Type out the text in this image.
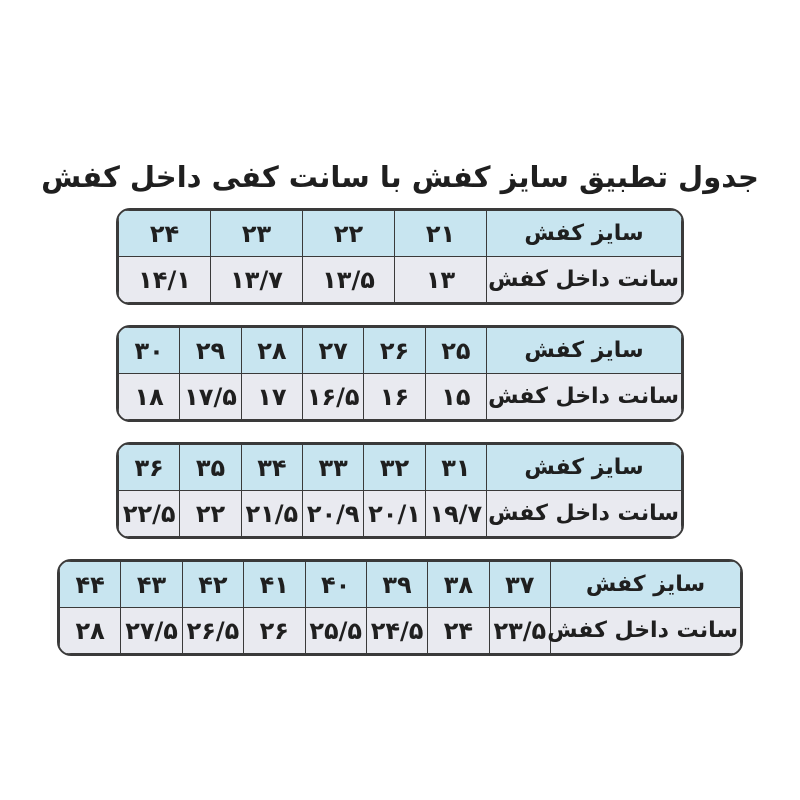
جدول تطبیق سایز کفش با سانت کفی داخل کفش
سایز کفش	۲۱	۲۲	۲۳	۲۴
سانت داخل کفش	۱۳	۱۳/۵	۱۳/۷	۱۴/۱
سایز کفش	۲۵	۲۶	۲۷	۲۸	۲۹	۳۰
سانت داخل کفش	۱۵	۱۶	۱۶/۵	۱۷	۱۷/۵	۱۸
سایز کفش	۳۱	۳۲	۳۳	۳۴	۳۵	۳۶
سانت داخل کفش	۱۹/۷	۲۰/۱	۲۰/۹	۲۱/۵	۲۲	۲۲/۵
سایز کفش	۳۷	۳۸	۳۹	۴۰	۴۱	۴۲	۴۳	۴۴
سانت داخل کفش	۲۳/۵	۲۴	۲۴/۵	۲۵/۵	۲۶	۲۶/۵	۲۷/۵	۲۸
